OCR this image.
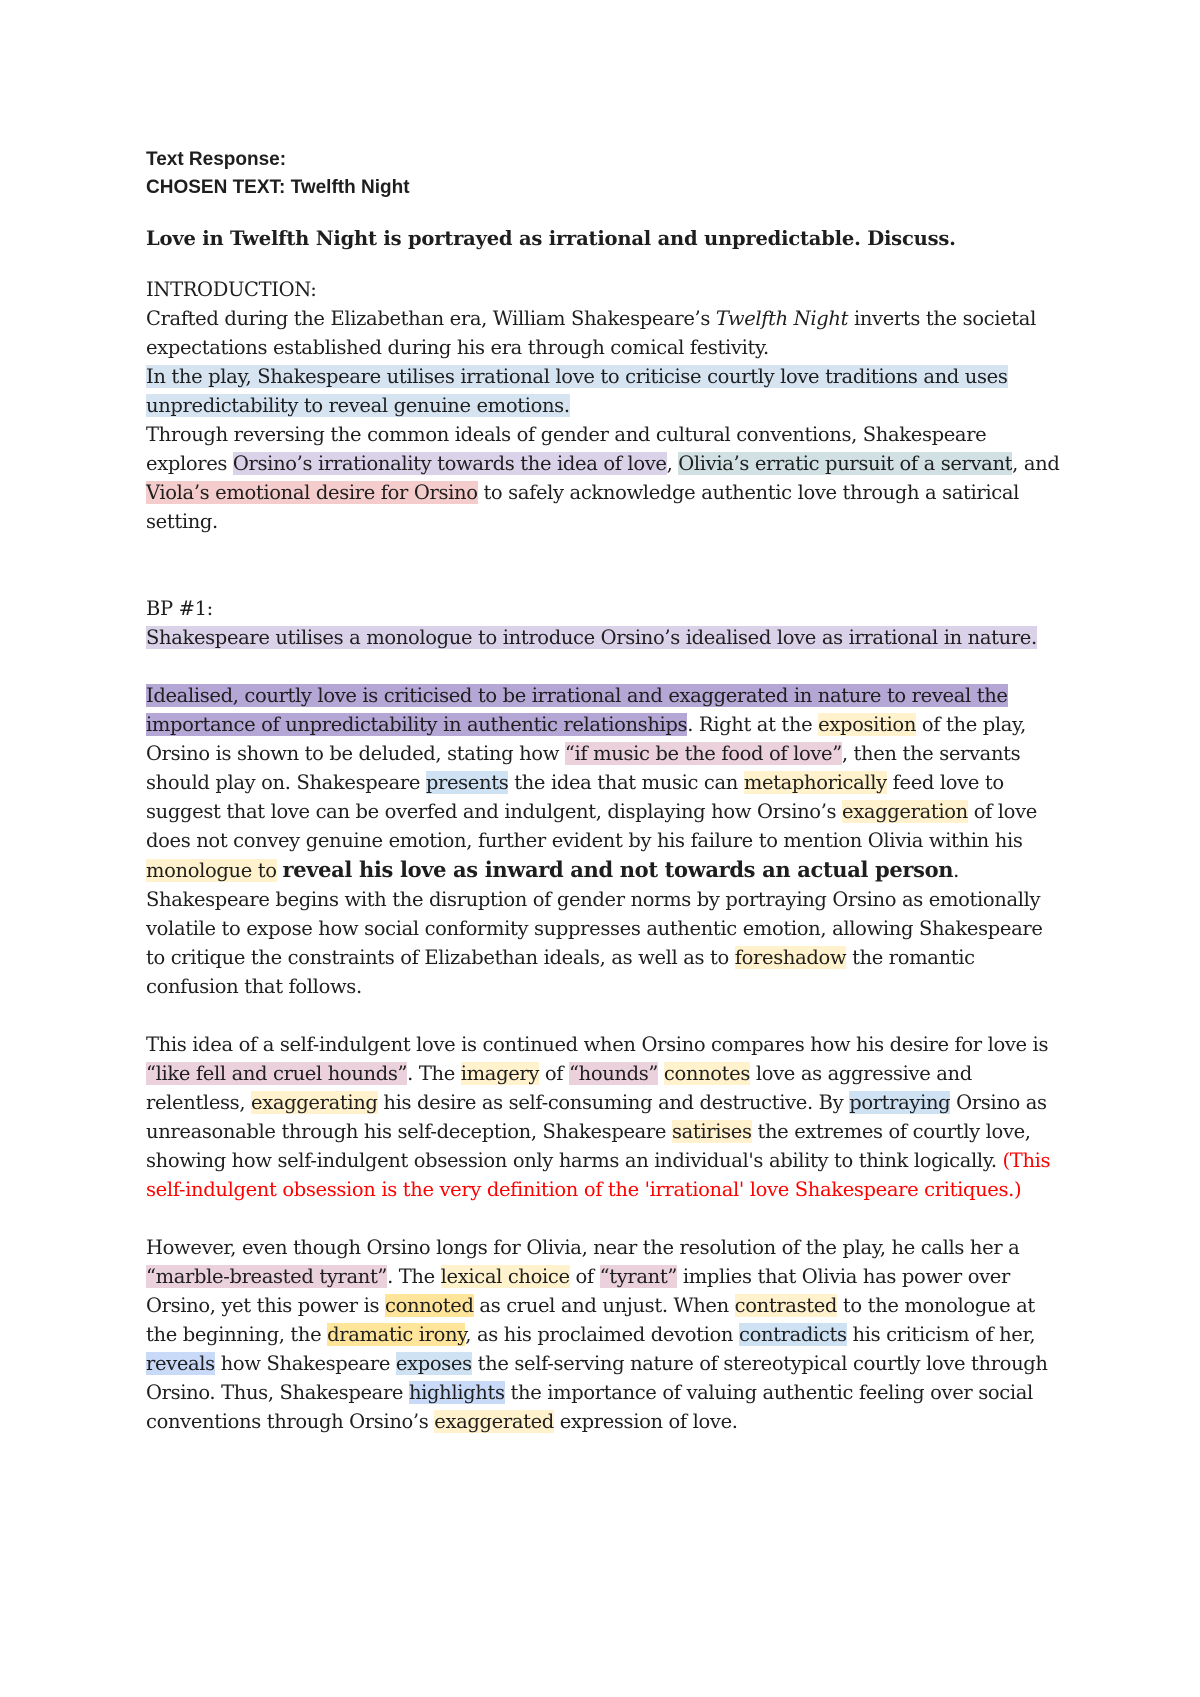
Text Response:
CHOSEN TEXT: Twelfth Night

Love in Twelfth Night is portrayed as irrational and unpredictable. Discuss.

INTRODUCTION:

Crafted during the Elizabethan era, William Shakespeare’s Twelfth Night inverts the societal expectations established during his era through comical festivity.

In the play, Shakespeare utilises irrational love to criticise courtly love traditions and uses unpredictability to reveal genuine emotions.

Through reversing the common ideals of gender and cultural conventions, Shakespeare explores Orsino’s irrationality towards the idea of love, Olivia’s erratic pursuit of a servant, and Viola’s emotional desire for Orsino to safely acknowledge authentic love through a satirical setting.

BP #1:

Shakespeare utilises a monologue to introduce Orsino’s idealised love as irrational in nature.

Idealised, courtly love is criticised to be irrational and exaggerated in nature to reveal the importance of unpredictability in authentic relationships. Right at the exposition of the play, Orsino is shown to be deluded, stating how “if music be the food of love”, then the servants should play on. Shakespeare presents the idea that music can metaphorically feed love to suggest that love can be overfed and indulgent, displaying how Orsino’s exaggeration of love does not convey genuine emotion, further evident by his failure to mention Olivia within his monologue to reveal his love as inward and not towards an actual person. Shakespeare begins with the disruption of gender norms by portraying Orsino as emotionally volatile to expose how social conformity suppresses authentic emotion, allowing Shakespeare to critique the constraints of Elizabethan ideals, as well as to foreshadow the romantic confusion that follows.

This idea of a self-indulgent love is continued when Orsino compares how his desire for love is “like fell and cruel hounds”. The imagery of “hounds” connotes love as aggressive and relentless, exaggerating his desire as self-consuming and destructive. By portraying Orsino as unreasonable through his self-deception, Shakespeare satirises the extremes of courtly love, showing how self-indulgent obsession only harms an individual's ability to think logically. (This self-indulgent obsession is the very definition of the 'irrational' love Shakespeare critiques.)

However, even though Orsino longs for Olivia, near the resolution of the play, he calls her a “marble-breasted tyrant”. The lexical choice of “tyrant” implies that Olivia has power over Orsino, yet this power is connoted as cruel and unjust. When contrasted to the monologue at the beginning, the dramatic irony, as his proclaimed devotion contradicts his criticism of her, reveals how Shakespeare exposes the self-serving nature of stereotypical courtly love through Orsino. Thus, Shakespeare highlights the importance of valuing authentic feeling over social conventions through Orsino’s exaggerated expression of love.
